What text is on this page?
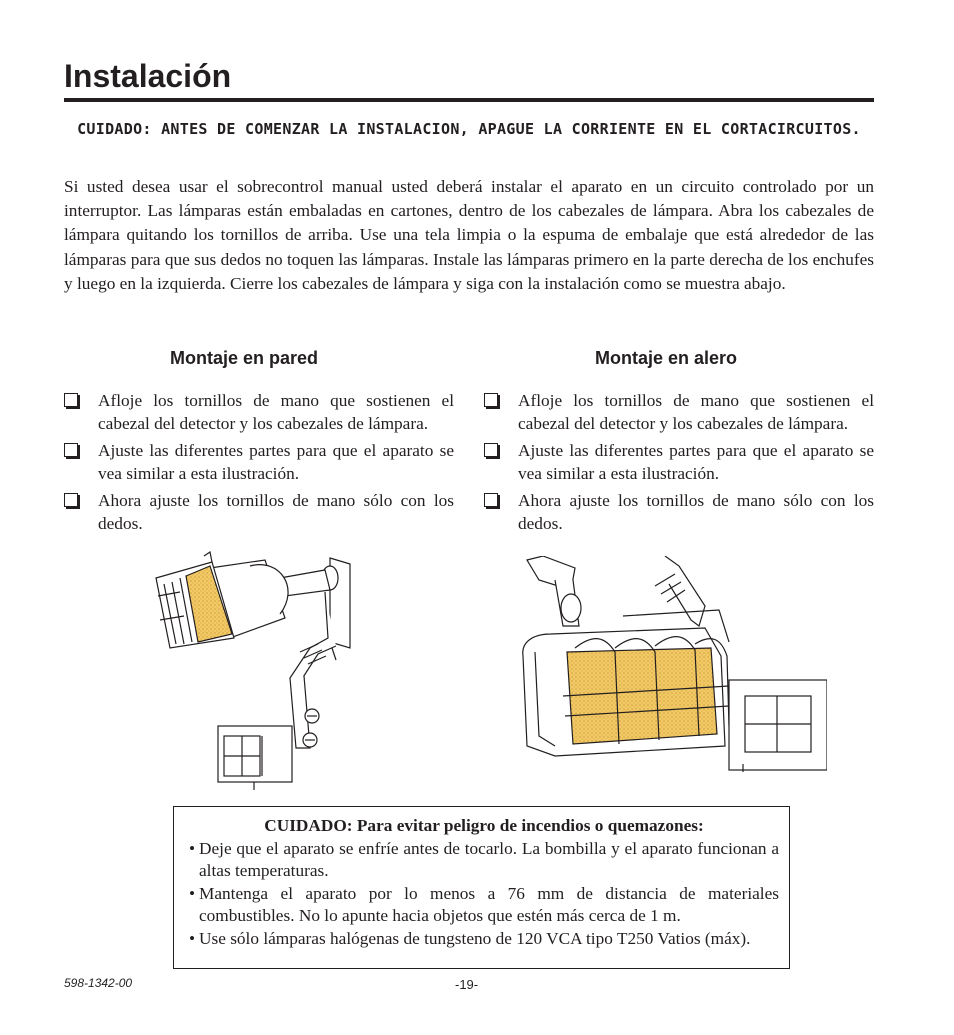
Instalación
CUIDADO: ANTES DE COMENZAR LA INSTALACION, APAGUE LA CORRIENTE EN EL CORTACIRCUITOS.

Si usted desea usar el sobrecontrol manual usted deberá instalar el aparato en un circuito controlado por un interruptor. Las lámparas están embaladas en cartones, dentro de los cabezales de lámpara. Abra los cabezales de lámpara quitando los tornillos de arriba. Use una tela limpia o la espuma de embalaje que está alrededor de las lámparas para que sus dedos no toquen las lámparas. Instale las lámparas primero en la parte derecha de los enchufes y luego en la izquierda. Cierre los cabezales de lámpara y siga con la instalación como se muestra abajo.

Montaje en pared
Afloje los tornillos de mano que sostienen el cabezal del detector y los cabezales de lámpara.
Ajuste las diferentes partes para que el aparato se vea similar a esta ilustración.
Ahora ajuste los tornillos de mano sólo con los dedos.
Montaje en alero
Afloje los tornillos de mano que sostienen el cabezal del detector y los cabezales de lámpara.
Ajuste las diferentes partes para que el aparato se vea similar a esta ilustración.
Ahora ajuste los tornillos de mano sólo con los dedos.
CUIDADO: Para evitar peligro de incendios o quemazones:
• Deje que el aparato se enfríe antes de tocarlo. La bombilla y el aparato funcionan a altas temperaturas.
• Mantenga el aparato por lo menos a 76 mm de distancia de materiales combustibles. No lo apunte hacia objetos que estén más cerca de 1 m.
• Use sólo lámparas halógenas de tungsteno de 120 VCA tipo T250 Vatios (máx).
598-1342-00	-19-
